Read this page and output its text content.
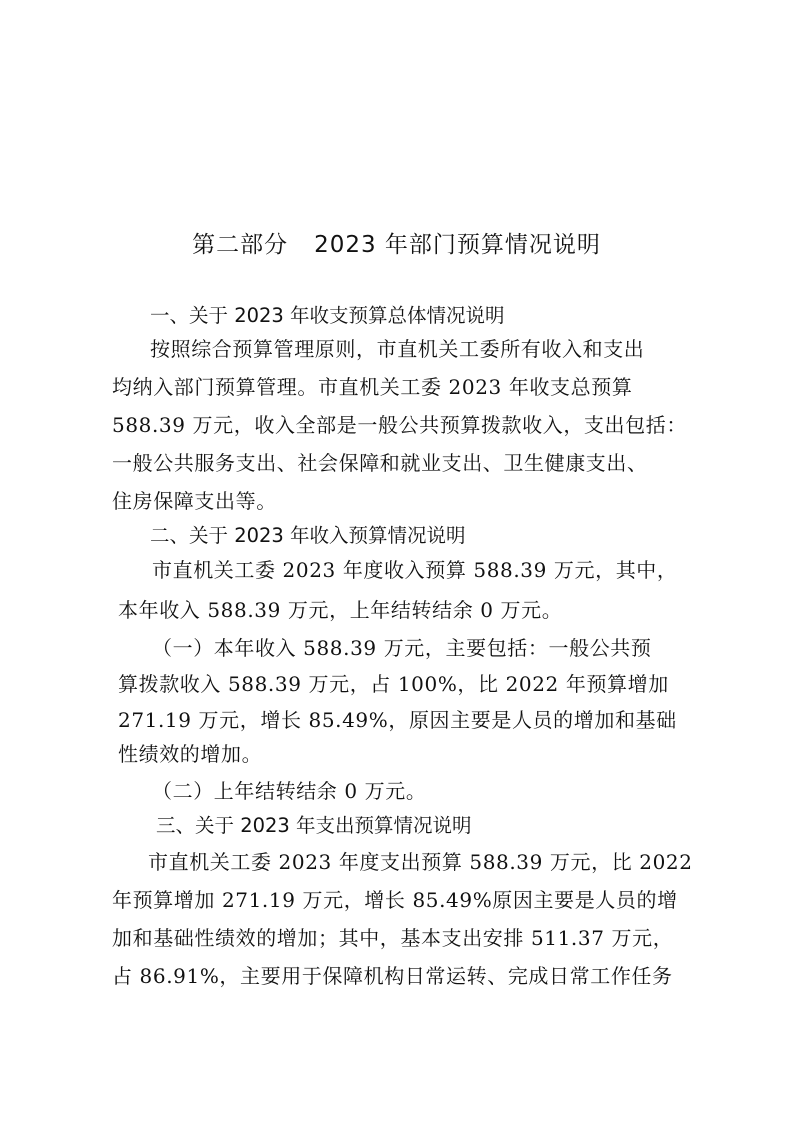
第二部分 2023 年部门预算情况说明
一、关于 2023 年收支预算总体情况说明
按照综合预算管理原则，市直机关工委所有收入和支出
均纳入部门预算管理。市直机关工委 2023 年收支总预算
588.39 万元，收入全部是一般公共预算拨款收入，支出包括：
一般公共服务支出、社会保障和就业支出、卫生健康支出、
住房保障支出等。
二、关于 2023 年收入预算情况说明
市直机关工委 2023 年度收入预算 588.39 万元，其中，
本年收入 588.39 万元，上年结转结余 0 万元。
（一）本年收入 588.39 万元，主要包括：一般公共预
算拨款收入 588.39 万元，占 100%，比 2022 年预算增加
271.19 万元，增长 85.49%，原因主要是人员的增加和基础
性绩效的增加。
（二）上年结转结余 0 万元。
三、关于 2023 年支出预算情况说明
市直机关工委 2023 年度支出预算 588.39 万元，比 2022
年预算增加 271.19 万元，增长 85.49%原因主要是人员的增
加和基础性绩效的增加；其中，基本支出安排 511.37 万元，
占 86.91%，主要用于保障机构日常运转、完成日常工作任务
